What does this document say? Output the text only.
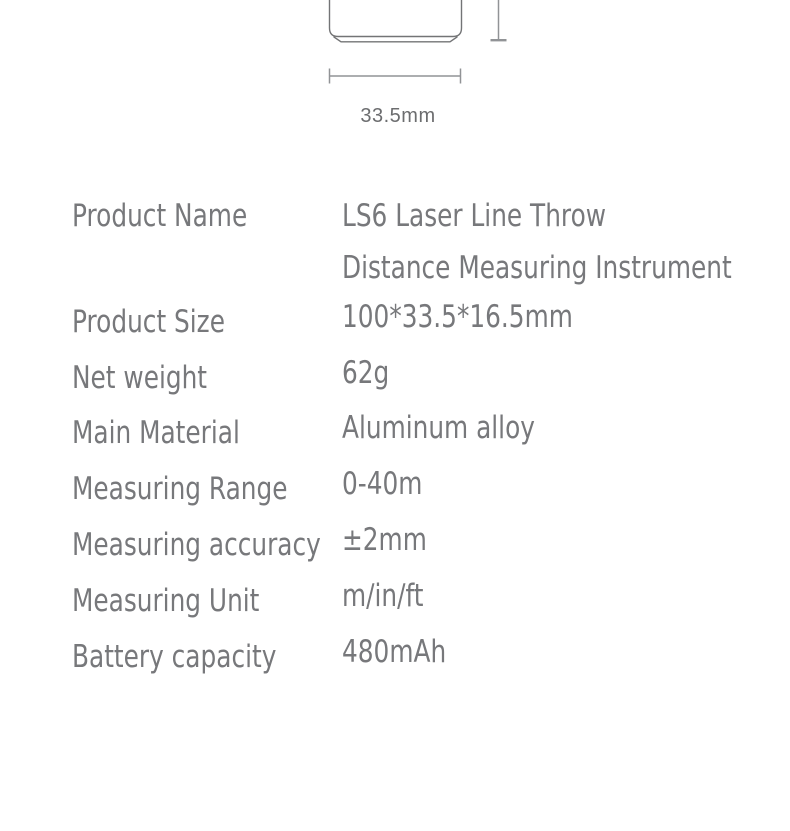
33.5mm
Product Name	LS6 Laser Line Throw
Distance Measuring Instrument
Product Size	100*33.5*16.5mm
Net weight	62g
Main Material	Aluminum alloy
Measuring Range 0-40m
Measuring accuracy ±2mm
Measuring Unit	m/in/ft
Battery capacity	480mAh
